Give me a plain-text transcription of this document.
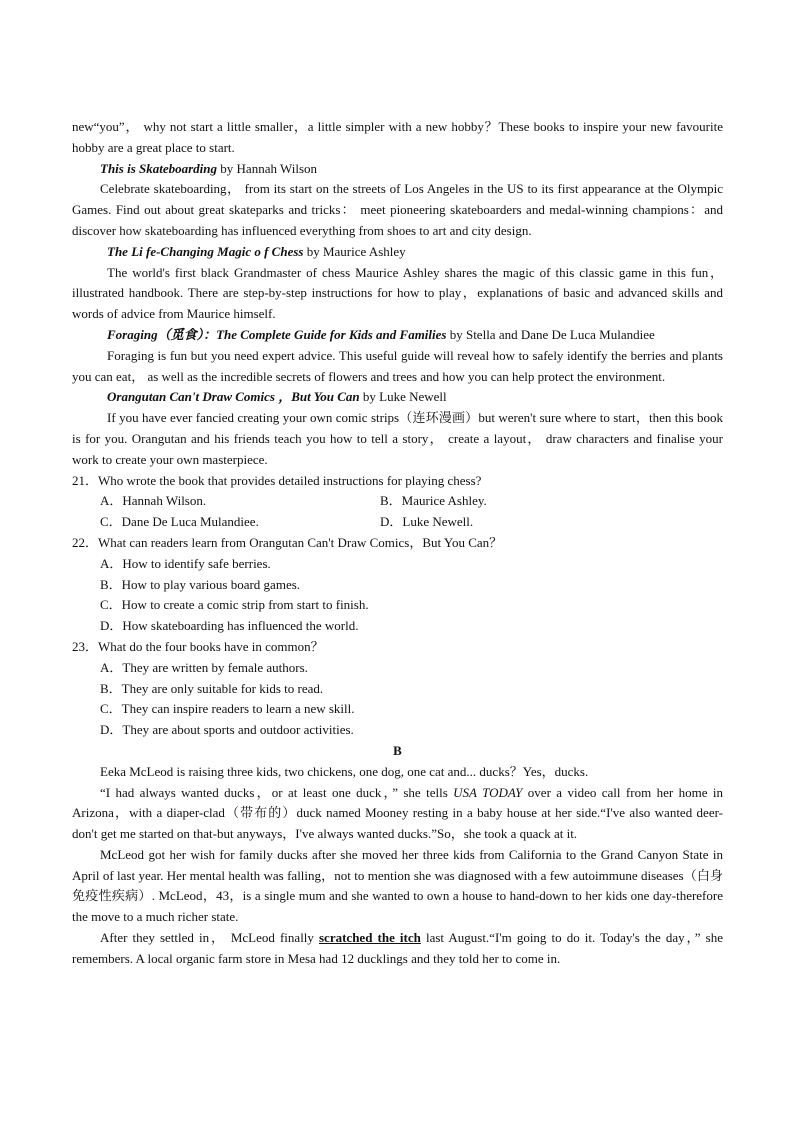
new“you”， why not start a little smaller，a little simpler with a new hobby？These books to inspire your new favourite hobby are a great place to start.

This is Skateboarding by Hannah Wilson

Celebrate skateboarding， from its start on the streets of Los Angeles in the US to its first appearance at the Olympic Games. Find out about great skateparks and tricks： meet pioneering skateboarders and medal-winning champions：and discover how skateboarding has influenced everything from shoes to art and city design.

The Li fe-Changing Magic o f Chess by Maurice Ashley

The world's first black Grandmaster of chess Maurice Ashley shares the magic of this classic game in this fun，illustrated handbook. There are step-by-step instructions for how to play，explanations of basic and advanced skills and words of advice from Maurice himself.

Foraging（觅食）：The Complete Guide for Kids and Families by Stella and Dane De Luca Mulandiee

Foraging is fun but you need expert advice. This useful guide will reveal how to safely identify the berries and plants you can eat， as well as the incredible secrets of flowers and trees and how you can help protect the environment.

Orangutan Can't Draw Comics ，But You Can by Luke Newell

If you have ever fancied creating your own comic strips（连环漫画）but weren't sure where to start，then this book is for you. Orangutan and his friends teach you how to tell a story， create a layout， draw characters and finalise your work to create your own masterpiece.

21．Who wrote the book that provides detailed instructions for playing chess?

A．Hannah Wilson.	B．Maurice Ashley.
C．Dane De Luca Mulandiee.	D．Luke Newell.

22．What can readers learn from Orangutan Can't Draw Comics，But You Can？

A．How to identify safe berries.

B．How to play various board games.

C．How to create a comic strip from start to finish.

D．How skateboarding has influenced the world.

23．What do the four books have in common？

A．They are written by female authors.

B．They are only suitable for kids to read.

C．They can inspire readers to learn a new skill.

D．They are about sports and outdoor activities.

B

Eeka McLeod is raising three kids, two chickens, one dog, one cat and... ducks？Yes，ducks.

“I had always wanted ducks，or at least one duck，” she tells USA TODAY over a video call from her home in Arizona，with a diaper-clad（带布的）duck named Mooney resting in a baby house at her side.“I've also wanted deer-don't get me started on that-but anyways，I've always wanted ducks.”So，she took a quack at it.

McLeod got her wish for family ducks after she moved her three kids from California to the Grand Canyon State in April of last year. Her mental health was falling，not to mention she was diagnosed with a few autoimmune diseases（白身免疫性疾病）. McLeod，43，is a single mum and she wanted to own a house to hand-down to her kids one day-therefore the move to a much richer state.

After they settled in， McLeod finally scratched the itch last August.“I'm going to do it. Today's the day，” she remembers. A local organic farm store in Mesa had 12 ducklings and they told her to come in.
